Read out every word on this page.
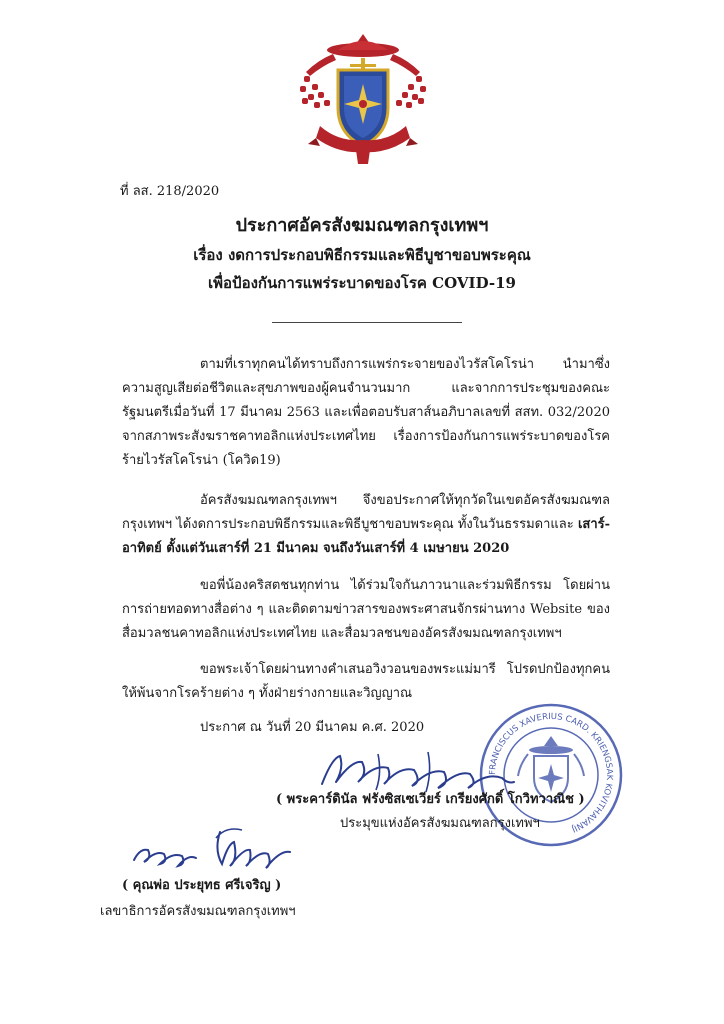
ที่ ลส. 218/2020
ประกาศอัครสังฆมณฑลกรุงเทพฯ
เรื่อง งดการประกอบพิธีกรรมและพิธีบูชาขอบพระคุณ
เพื่อป้องกันการแพร่ระบาดของโรค COVID-19
ตามที่เราทุกคนได้ทราบถึงการแพร่กระจายของไวรัสโคโรน่า นำมาซึ่งความสูญเสียต่อชีวิตและสุขภาพของผู้คนจำนวนมาก และจากการประชุมของคณะรัฐมนตรีเมื่อวันที่ 17 มีนาคม 2563 และเพื่อตอบรับสาส์นอภิบาลเลขที่ สสท. 032/2020 จากสภาพระสังฆราชคาทอลิกแห่งประเทศไทย เรื่องการป้องกันการแพร่ระบาดของโรคร้ายไวรัสโคโรน่า (โควิด19)
อัครสังฆมณฑลกรุงเทพฯ จึงขอประกาศให้ทุกวัดในเขตอัครสังฆมณฑลกรุงเทพฯ ได้งดการประกอบพิธีกรรมและพิธีบูชาขอบพระคุณ ทั้งในวันธรรมดาและ เสาร์-อาทิตย์ ตั้งแต่วันเสาร์ที่ 21 มีนาคม จนถึงวันเสาร์ที่ 4 เมษายน 2020
ขอพี่น้องคริสตชนทุกท่าน ได้ร่วมใจกันภาวนาและร่วมพิธีกรรม โดยผ่านการถ่ายทอดทางสื่อต่าง ๆ และติดตามข่าวสารของพระศาสนจักรผ่านทาง Website ของสื่อมวลชนคาทอลิกแห่งประเทศไทย และสื่อมวลชนของอัครสังฆมณฑลกรุงเทพฯ
ขอพระเจ้าโดยผ่านทางคำเสนอวิงวอนของพระแม่มารี โปรดปกป้องทุกคนให้พ้นจากโรคร้ายต่าง ๆ ทั้งฝ่ายร่างกายและวิญญาณ
ประกาศ ณ วันที่ 20 มีนาคม ค.ศ. 2020
FRANCISCUS XAVERIUS CARD. KRIENGSAK KOVITHAVANIJ
( พระคาร์ดินัล ฟรังซิสเซเวียร์ เกรียงศักดิ์ โกวิทวาณิช )
ประมุขแห่งอัครสังฆมณฑลกรุงเทพฯ
( คุณพ่อ ประยุทธ ศรีเจริญ )
เลขาธิการอัครสังฆมณฑลกรุงเทพฯ
